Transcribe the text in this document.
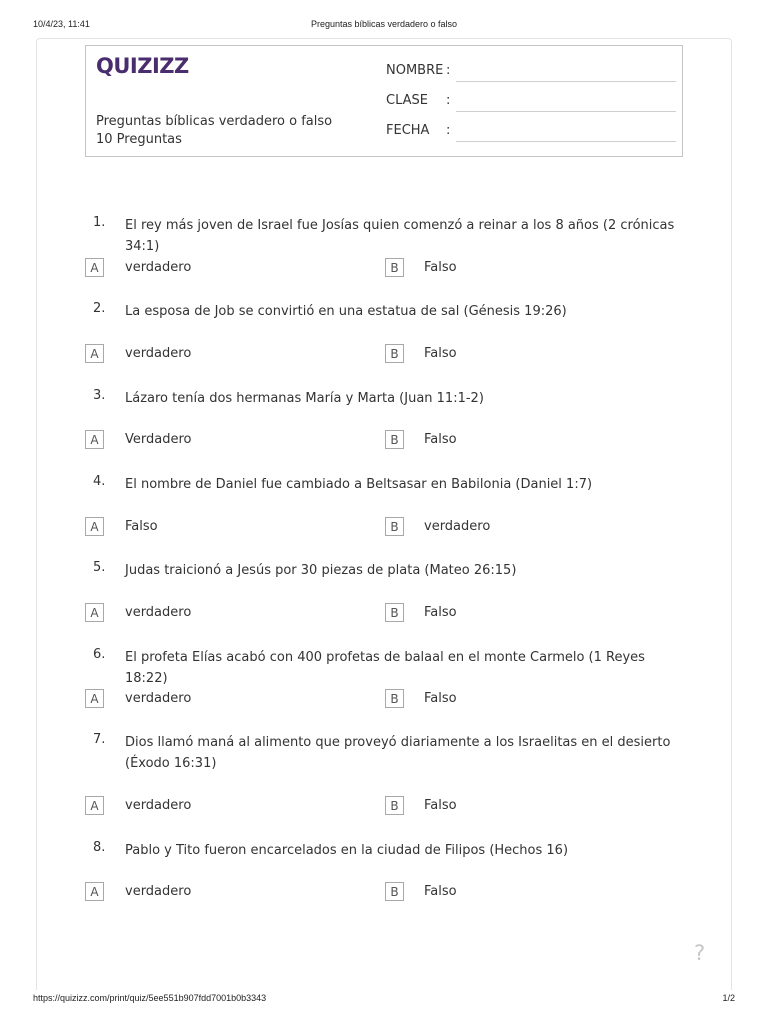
10/4/23, 11:41	Preguntas bíblicas verdadero o falso
QUIZIZZ
Preguntas bíblicas verdadero o falso
10 Preguntas
NOMBRE :
CLASE :
FECHA :
1. El rey más joven de Israel fue Josías quien comenzó a reinar a los 8 años (2 crónicas 34:1)
A	verdadero	B	Falso
2. La esposa de Job se convirtió en una estatua de sal (Génesis 19:26)
A	verdadero	B	Falso
3. Lázaro tenía dos hermanas María y Marta (Juan 11:1-2)
A	Verdadero	B	Falso
4. El nombre de Daniel fue cambiado a Beltsasar en Babilonia (Daniel 1:7)
A	Falso	B	verdadero
5. Judas traicionó a Jesús por 30 piezas de plata (Mateo 26:15)
A	verdadero	B	Falso
6. El profeta Elías acabó con 400 profetas de balaal en el monte Carmelo (1 Reyes 18:22)
A	verdadero	B	Falso
7. Dios llamó maná al alimento que proveyó diariamente a los Israelitas en el desierto (Éxodo 16:31)
A	verdadero	B	Falso
8. Pablo y Tito fueron encarcelados en la ciudad de Filipos (Hechos 16)
A	verdadero	B	Falso
?
https://quizizz.com/print/quiz/5ee551b907fdd7001b0b3343	1/2
